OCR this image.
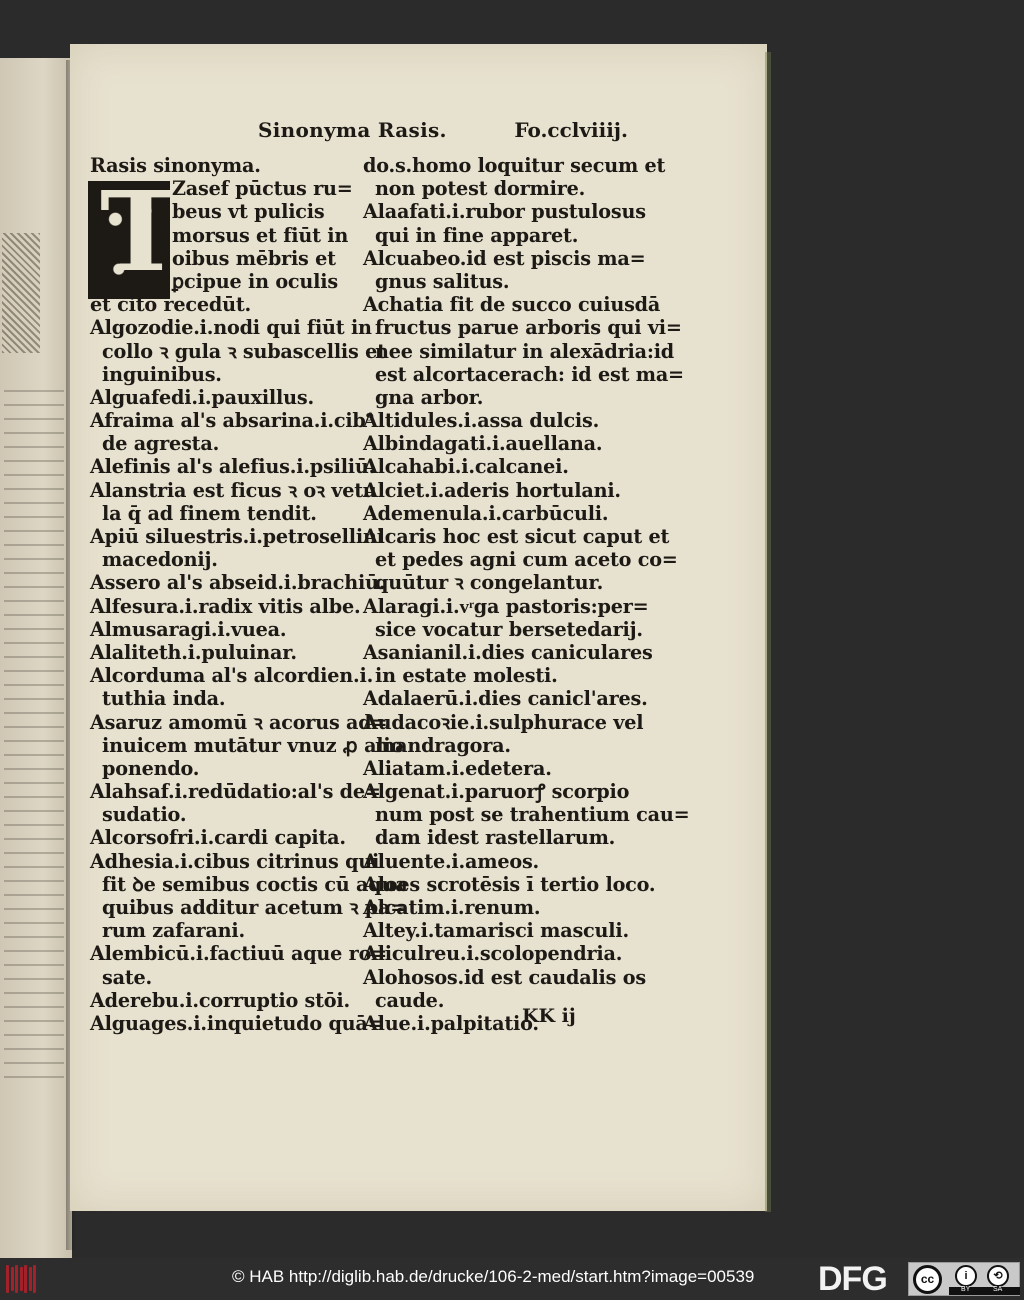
Sinonyma Rasis.	Fo.cclviiij.
T
Rasis sinonyma.
Zasef pūctus ru=
beus vt pulicis
morsus et fiūt in
oibus mēbris et
ꝑcipue in oculis
et cito recedūt.
Algozodie.i.nodi qui fiūt in
collo ꝛ gula ꝛ subascellis et
inguinibus.
Alguafedi.i.pauxillus.
Afraima al's absarina.i.cib⁹
de agresta.
Alefinis al's alefius.i.psiliū.
Alanstria est ficus ꝛ oꝛ vetu
la q̄ ad finem tendit.
Apiū siluestris.i.petrosellini
macedonij.
Assero al's abseid.i.brachiū.
Alfesura.i.radix vitis albe.
Almusaragi.i.vuea.
Alaliteth.i.puluinar.
Alcorduma al's alcordien.i.
tuthia inda.
Asaruz amomū ꝛ acorus ad=
inuicem mutātur vnuz ꝓ alio
ponendo.
Alahsaf.i.redūdatio:al's de=
sudatio.
Alcorsofri.i.cardi capita.
Adhesia.i.cibus citrinus qui
fit ꝺe semibus coctis cū aqua
quibus additur acetum ꝛ pa=
rum zafarani.
Alembicū.i.factiuū aque ro=
sate.
Aderebu.i.corruptio stōi.
Alguages.i.inquietudo quā=
do.s.homo loquitur secum et
non potest dormire.
Alaafati.i.rubor pustulosus
qui in fine apparet.
Alcuabeo.id est piscis ma=
gnus salitus.
Achatia fit de succo cuiusdā
fructus parue arboris qui vi=
nee similatur in alexādria:id
est alcortacerach: id est ma=
gna arbor.
Altidules.i.assa dulcis.
Albindagati.i.auellana.
Alcahabi.i.calcanei.
Alciet.i.aderis hortulani.
Ademenula.i.carbūculi.
Alcaris hoc est sicut caput et
et pedes agni cum aceto co=
quūtur ꝛ congelantur.
Alaragi.i.vͬga pastoris:per=
sice vocatur bersetedarij.
Asanianil.i.dies caniculares
in estate molesti.
Adalaerū.i.dies canicl'ares.
Audacoꝛie.i.sulphurace vel
mandragora.
Aliatam.i.edetera.
Algenat.i.paruorꝭ scorpio
num post se trahentium cau=
dam idest rastellarum.
Aluente.i.ameos.
Aloes scrotēsis ī tertio loco.
Alcatim.i.renum.
Altey.i.tamarisci masculi.
Aliculreu.i.scolopendria.
Alohosos.id est caudalis os
caude.
Alue.i.palpitatio.
KK ij
© HAB http://diglib.hab.de/drucke/106-2-med/start.htm?image=00539 DFG	cc	i	⟲
BY	SA
